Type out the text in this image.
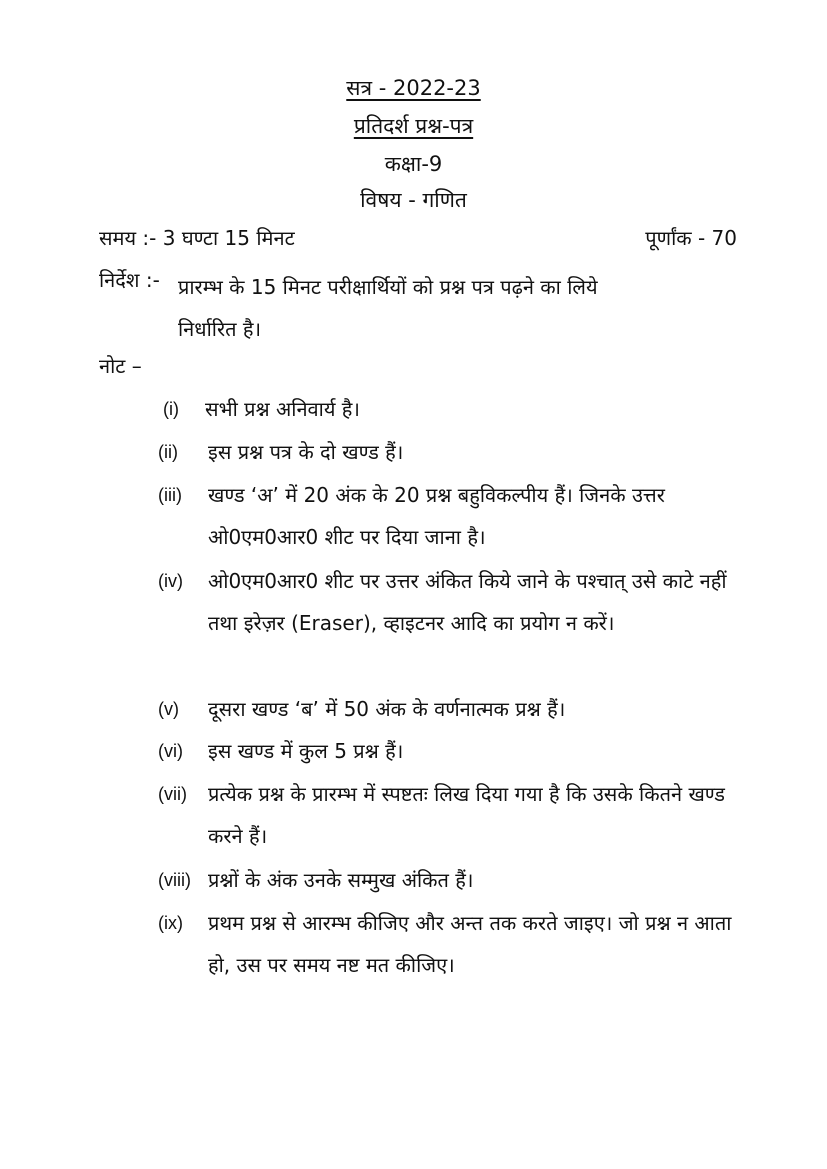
सत्र - 2022-23
प्रतिदर्श प्रश्न-पत्र
कक्षा-9
विषय - गणित
समय :- 3 घण्टा 15 मिनट	पूर्णांक - 70
निर्देश :- प्रारम्भ के 15 मिनट परीक्षार्थियों को प्रश्न पत्र पढ़ने का लिये
निर्धारित है।
नोट –
(i)	सभी प्रश्न अनिवार्य है।
(ii)	इस प्रश्न पत्र के दो खण्ड हैं।
(iii)	खण्ड ‘अ’ में 20 अंक के 20 प्रश्न बहुविकल्पीय हैं। जिनके उत्तर ओ0एम0आर0 शीट पर दिया जाना है।
(iv)	ओ0एम0आर0 शीट पर उत्तर अंकित किये जाने के पश्चात् उसे काटे नहीं तथा इरेज़र (Eraser), व्हाइटनर आदि का प्रयोग न करें।
(v)	दूसरा खण्ड ‘ब’ में 50 अंक के वर्णनात्मक प्रश्न हैं।
(vi)	इस खण्ड में कुल 5 प्रश्न हैं।
(vii)	प्रत्येक प्रश्न के प्रारम्भ में स्पष्टतः लिख दिया गया है कि उसके कितने खण्ड करने हैं।
(viii) प्रश्नों के अंक उनके सम्मुख अंकित हैं।
(ix)	प्रथम प्रश्न से आरम्भ कीजिए और अन्त तक करते जाइए। जो प्रश्न न आता हो, उस पर समय नष्ट मत कीजिए।
